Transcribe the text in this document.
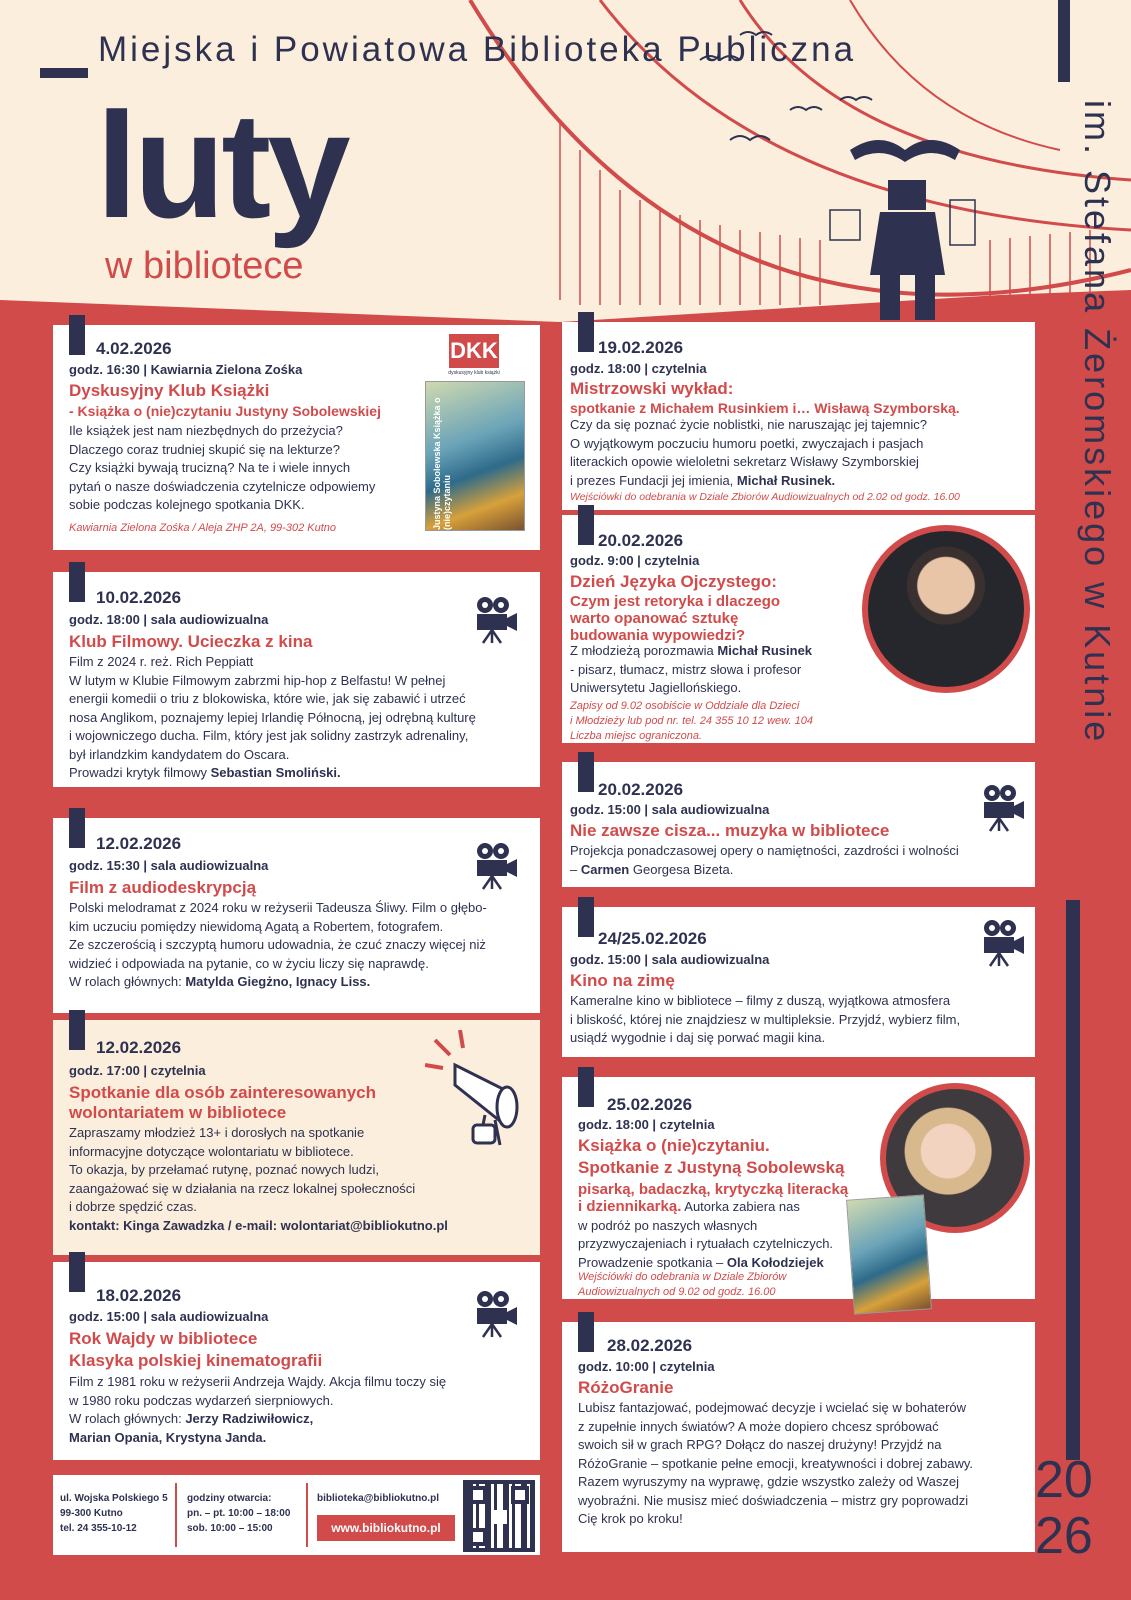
Miejska i Powiatowa Biblioteka Publiczna
luty
w bibliotece	im. Stefana Żeromskiego w Kutnie
20
26
4.02.2026
godz. 16:30 | Kawiarnia Zielona Zośka
Dyskusyjny Klub Książki
- Książka o (nie)czytaniu Justyny Sobolewskiej
Ile książek jest nam niezbędnych do przeżycia?
Dlaczego coraz trudniej skupić się na lekturze?
Czy książki bywają trucizną? Na te i wiele innych
pytań o nasze doświadczenia czytelnicze odpowiemy
sobie podczas kolejnego spotkania DKK.
Kawiarnia Zielona Zośka / Aleja ZHP 2A, 99-302 Kutno
DKK
dyskusyjny klub książki
Justyna Sobolewska Książka o (nie)czytaniu
10.02.2026
godz. 18:00 | sala audiowizualna
Klub Filmowy. Ucieczka z kina
Film z 2024 r. reż. Rich Peppiatt
W lutym w Klubie Filmowym zabrzmi hip-hop z Belfastu! W pełnej
energii komedii o triu z blokowiska, które wie, jak się zabawić i utrzeć
nosa Anglikom, poznajemy lepiej Irlandię Północną, jej odrębną kulturę
i wojowniczego ducha. Film, który jest jak solidny zastrzyk adrenaliny,
był irlandzkim kandydatem do Oscara.
Prowadzi krytyk filmowy Sebastian Smoliński.
12.02.2026
godz. 15:30 | sala audiowizualna
Film z audiodeskrypcją
Polski melodramat z 2024 roku w reżyserii Tadeusza Śliwy. Film o głębo-
kim uczuciu pomiędzy niewidomą Agatą a Robertem, fotografem.
Ze szczerością i szczyptą humoru udowadnia, że czuć znaczy więcej niż
widzieć i odpowiada na pytanie, co w życiu liczy się naprawdę.
W rolach głównych: Matylda Giegżno, Ignacy Liss.
12.02.2026
godz. 17:00 | czytelnia
Spotkanie dla osób zainteresowanych
wolontariatem w bibliotece
Zapraszamy młodzież 13+ i dorosłych na spotkanie
informacyjne dotyczące wolontariatu w bibliotece.
To okazja, by przełamać rutynę, poznać nowych ludzi,
zaangażować się w działania na rzecz lokalnej społeczności
i dobrze spędzić czas.
kontakt: Kinga Zawadzka / e-mail: wolontariat@bibliokutno.pl
18.02.2026
godz. 15:00 | sala audiowizualna
Rok Wajdy w bibliotece
Klasyka polskiej kinematografii
Film z 1981 roku w reżyserii Andrzeja Wajdy. Akcja filmu toczy się
w 1980 roku podczas wydarzeń sierpniowych.
W rolach głównych: Jerzy Radziwiłowicz,
Marian Opania, Krystyna Janda.
ul. Wojska Polskiego 5
99-300 Kutno
tel. 24 355-10-12
godziny otwarcia:
pn. – pt. 10:00 – 18:00
sob. 10:00 – 15:00
biblioteka@bibliokutno.pl
www.bibliokutno.pl
19.02.2026
godz. 18:00 | czytelnia
Mistrzowski wykład:
spotkanie z Michałem Rusinkiem i… Wisławą Szymborską.
Czy da się poznać życie noblistki, nie naruszając jej tajemnic?
O wyjątkowym poczuciu humoru poetki, zwyczajach i pasjach
literackich opowie wieloletni sekretarz Wisławy Szymborskiej
i prezes Fundacji jej imienia, Michał Rusinek.
Wejściówki do odebrania w Dziale Zbiorów Audiowizualnych od 2.02 od godz. 16.00
20.02.2026
godz. 9:00 | czytelnia
Dzień Języka Ojczystego:
Czym jest retoryka i dlaczego
warto opanować sztukę
budowania wypowiedzi?
Z młodzieżą porozmawia Michał Rusinek
- pisarz, tłumacz, mistrz słowa i profesor
Uniwersytetu Jagiellońskiego.
Zapisy od 9.02 osobiście w Oddziale dla Dzieci
i Młodzieży lub pod nr. tel. 24 355 10 12 wew. 104
Liczba miejsc ograniczona.
20.02.2026
godz. 15:00 | sala audiowizualna
Nie zawsze cisza... muzyka w bibliotece
Projekcja ponadczasowej opery o namiętności, zazdrości i wolności
– Carmen Georgesa Bizeta.
24/25.02.2026
godz. 15:00 | sala audiowizualna
Kino na zimę
Kameralne kino w bibliotece – filmy z duszą, wyjątkowa atmosfera
i bliskość, której nie znajdziesz w multipleksie. Przyjdź, wybierz film,
usiądź wygodnie i daj się porwać magii kina.
25.02.2026
godz. 18:00 | czytelnia
Książka o (nie)czytaniu.
Spotkanie z Justyną Sobolewską
pisarką, badaczką, krytyczką literacką
i dziennikarką. Autorka zabiera nas
w podróż po naszych własnych
przyzwyczajeniach i rytuałach czytelniczych.
Prowadzenie spotkania – Ola Kołodziejek
Wejściówki do odebrania w Dziale Zbiorów
Audiowizualnych od 9.02 od godz. 16.00
28.02.2026
godz. 10:00 | czytelnia
RóżoGranie
Lubisz fantazjować, podejmować decyzje i wcielać się w bohaterów
z zupełnie innych światów? A może dopiero chcesz spróbować
swoich sił w grach RPG? Dołącz do naszej drużyny! Przyjdź na
RóżoGranie – spotkanie pełne emocji, kreatywności i dobrej zabawy.
Razem wyruszymy na wyprawę, gdzie wszystko zależy od Waszej
wyobraźni. Nie musisz mieć doświadczenia – mistrz gry poprowadzi
Cię krok po kroku!
